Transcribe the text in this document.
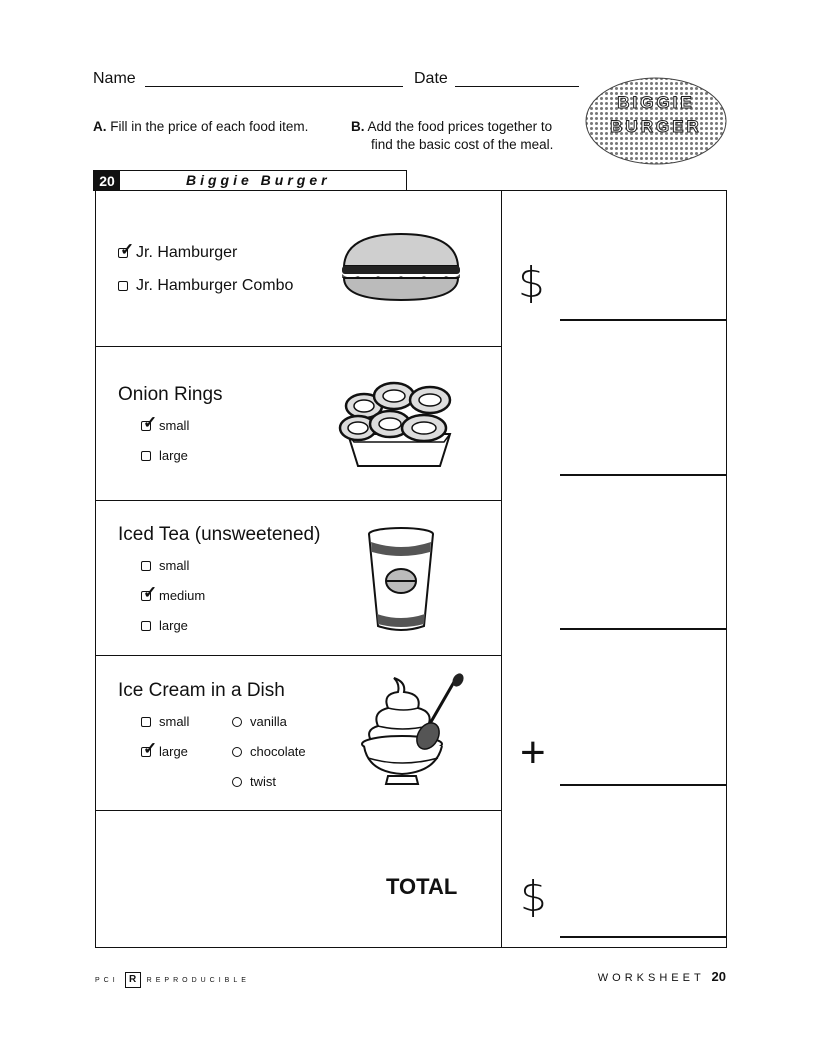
Name	Date
A. Fill in the price of each food item.	B. Add the food prices together to
find the basic cost of the meal.
BIGGIE
BURGER
20	Biggie Burger
✓
Jr. Hamburger
Jr. Hamburger Combo
Onion Rings
✓
small
large
Iced Tea (unsweetened)
small
✓
medium
large
Ice Cream in a Dish
small
✓
large
vanilla
chocolate
twist
TOTAL
$
+
$
PCI	R	REPRODUCIBLE	WORKSHEET 20
